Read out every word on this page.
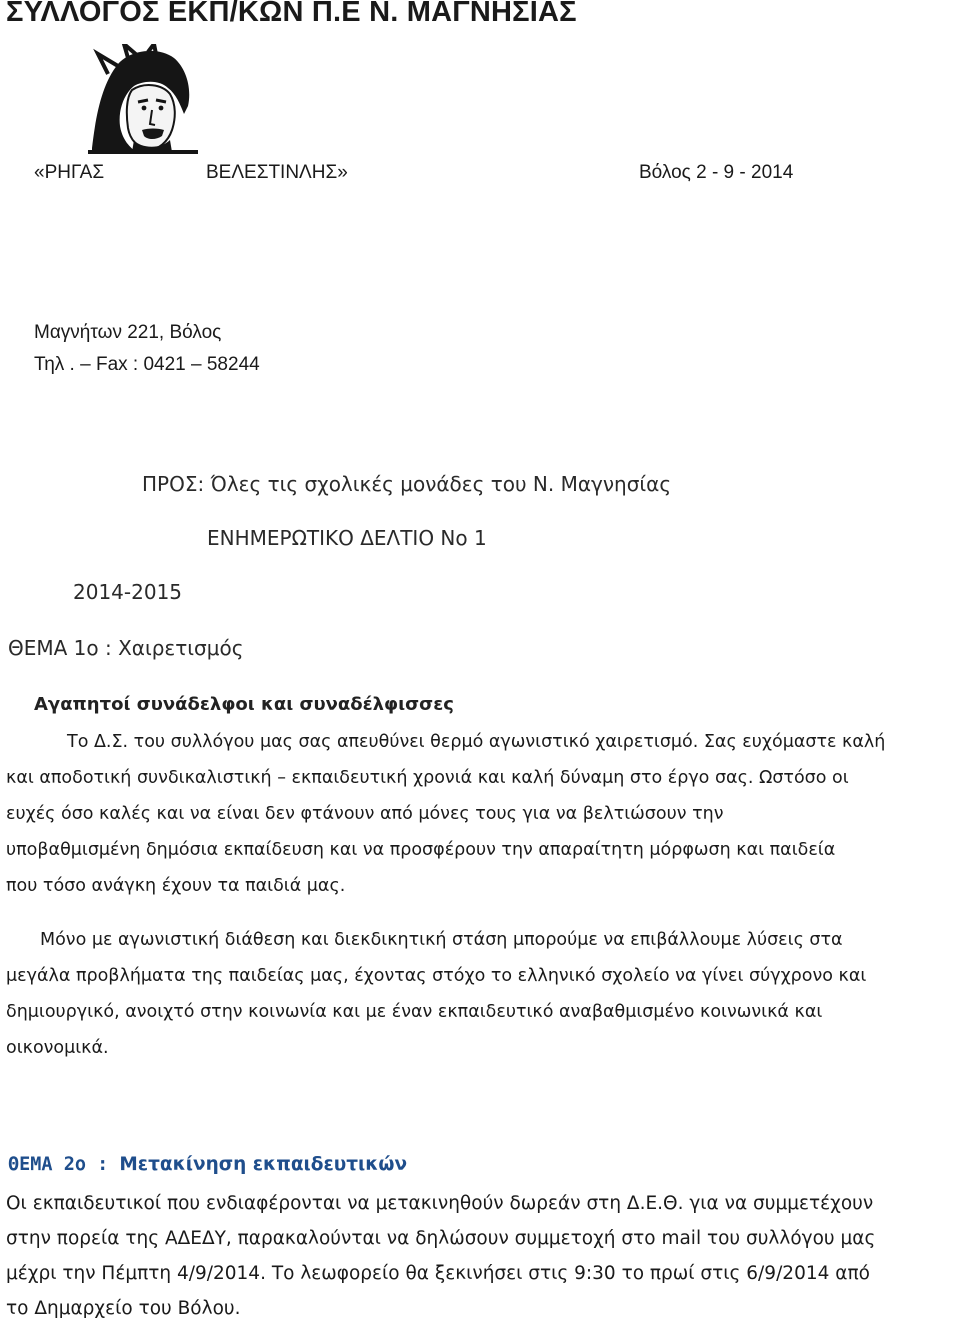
ΣΥΛΛΟΓΟΣ ΕΚΠ/ΚΩΝ Π.Ε Ν. ΜΑΓΝΗΣΙΑΣ
«ΡΗΓΑΣ	ΒΕΛΕΣΤΙΝΛΗΣ»	Βόλος 2 - 9 - 2014
Μαγνήτων 221, Βόλος
Τηλ . – Fax : 0421 – 58244
ΠΡΟΣ: Όλες τις σχολικές μονάδες του Ν. Μαγνησίας
ΕΝΗΜΕΡΩΤΙΚΟ ΔΕΛΤΙΟ Νο 1
2014-2015
ΘΕΜΑ 1ο : Χαιρετισμός
Αγαπητοί συνάδελφοι και συναδέλφισσες
Το Δ.Σ. του συλλόγου μας σας απευθύνει θερμό αγωνιστικό χαιρετισμό. Σας ευχόμαστε καλή
και αποδοτική συνδικαλιστική – εκπαιδευτική χρονιά και καλή δύναμη στο έργο σας. Ωστόσο οι
ευχές όσο καλές και να είναι δεν φτάνουν από μόνες τους για να βελτιώσουν την
υποβαθμισμένη δημόσια εκπαίδευση και να προσφέρουν την απαραίτητη μόρφωση και παιδεία
που τόσο ανάγκη έχουν τα παιδιά μας.
Μόνο με αγωνιστική διάθεση και διεκδικητική στάση μπορούμε να επιβάλλουμε λύσεις στα
μεγάλα προβλήματα της παιδείας μας, έχοντας στόχο το ελληνικό σχολείο να γίνει σύγχρονο και
δημιουργικό, ανοιχτό στην κοινωνία και με έναν εκπαιδευτικό αναβαθμισμένο κοινωνικά και
οικονομικά.
ΘΕΜΑ 2ο : Μετακίνηση εκπαιδευτικών
Οι εκπαιδευτικοί που ενδιαφέρονται να μετακινηθούν δωρεάν στη Δ.Ε.Θ. για να συμμετέχουν
στην πορεία της ΑΔΕΔΥ, παρακαλούνται να δηλώσουν συμμετοχή στο mail του συλλόγου μας
μέχρι την Πέμπτη 4/9/2014. Το λεωφορείο θα ξεκινήσει στις 9:30 το πρωί στις 6/9/2014 από
το Δημαρχείο του Βόλου.
